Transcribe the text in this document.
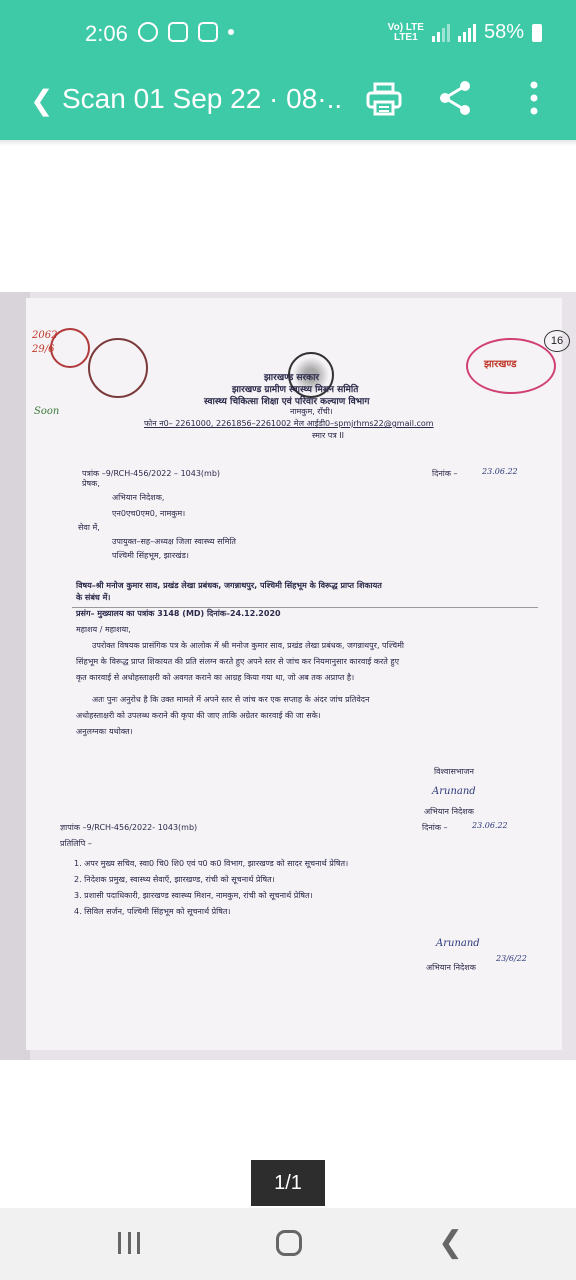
2:06	Vo) LTE
LTE1	58%
❮ Scan 01 Sep 22 · 08·..
2062
29/6
झारखण्ड
16
झारखण्ड सरकार
झारखण्ड ग्रामीण स्वास्थ्य मिशन समिति
स्वास्थ्य चिकित्सा शिक्षा एवं परिवार कल्याण विभाग
नामकुम, राँची।
फोन न0– 2261000, 2261856–2261002 मेल आईडी0–spmjrhms22@gmail.com
स्मार पत्र II
Soon
पत्रांक –9/RCH-456/2022 – 1043(mb)	दिनांक –	23.06.22
प्रेषक,
अभियान निदेशक,
एन0एच0एम0, नामकुम।
सेवा में,
उपायुक्त–सह–अध्यक्ष जिला स्वास्थ्य समिति
पश्चिमी सिंहभूम, झारखंड।
विषय–श्री मनोज कुमार साव, प्रखंड लेखा प्रबंधक, जगन्नाथपुर, पश्चिमी सिंहभूम के विरूद्ध प्राप्त शिकायत
के संबंध में।
प्रसंग– मुख्यालय का पत्रांक 3148 (MD) दिनांक–24.12.2020
महाशय / महाशया,
उपरोक्त विषयक प्रासंगिक पत्र के आलोक में श्री मनोज कुमार साव, प्रखंड लेखा प्रबंधक, जगन्नाथपुर, पश्चिमी
सिंहभूम के विरूद्ध प्राप्त शिकायत की प्रति संलग्न करते हुए अपने स्तर से जांच कर नियमानुसार कारवाई करते हुए
कृत कारवाई से अधोहस्ताक्षरी को अवगत कराने का आग्रह किया गया था, जो अब तक अप्राप्त है।
अतः पुनः अनुरोध है कि उक्त मामले में अपने स्तर से जांच कर एक सप्ताह के अंदर जांच प्रतिवेदन
अधोहस्ताक्षरी को उपलब्ध कराने की कृपा की जाए ताकि अग्रेतर कारवाई की जा सके।
अनुलग्नकः यथोक्त।
विश्वासभाजन
Arunand
अभियान निदेशक
ज्ञापांक –9/RCH-456/2022- 1043(mb)	दिनांक –	23.06.22
प्रतिलिपि –
1. अपर मुख्य सचिव, स्वा0 चि0 शि0 एवं प0 क0 विभाग, झारखण्ड को सादर सूचनार्थ प्रेषित।
2. निदेशक प्रमुख, स्वास्थ्य सेवाएँ, झारखण्ड, रांची को सूचनार्थ प्रेषित।
3. प्रशासी पदाधिकारी, झारखण्ड स्वास्थ्य मिशन, नामकुम, रांची को सूचनार्थ प्रेषित।
4. सिविल सर्जन, पश्चिमी सिंहभूम को सूचनार्थ प्रेषित।
Arunand
23/6/22
अभियान निदेशक
1/1
❮
